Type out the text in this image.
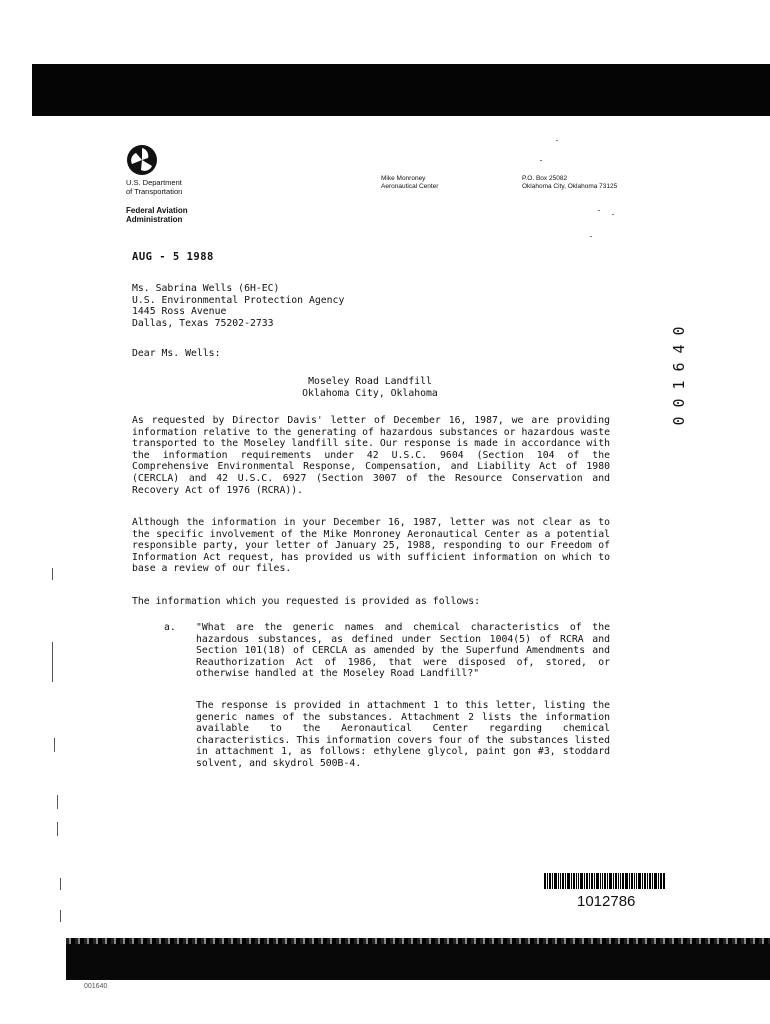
U.S. Department
of Transportation
Federal Aviation
Administration
Mike Monroney
Aeronautical Center
P.O. Box 25082
Oklahoma City, Oklahoma 73125
AUG - 5 1988
Ms. Sabrina Wells (6H-EC)
U.S. Environmental Protection Agency
1445 Ross Avenue
Dallas, Texas 75202-2733
Dear Ms. Wells:
Moseley Road Landfill
Oklahoma City, Oklahoma

As requested by Director Davis' letter of December 16, 1987, we are providing information relative to the generating of hazardous substances or hazardous waste transported to the Moseley landfill site. Our response is made in accordance with the information requirements under 42 U.S.C. 9604 (Section 104 of the Comprehensive Environmental Response, Compensation, and Liability Act of 1980 (CERCLA) and 42 U.S.C. 6927 (Section 3007 of the Resource Conservation and Recovery Act of 1976 (RCRA)).

Although the information in your December 16, 1987, letter was not clear as to the specific involvement of the Mike Monroney Aeronautical Center as a potential responsible party, your letter of January 25, 1988, responding to our Freedom of Information Act request, has provided us with sufficient information on which to base a review of our files.

The information which you requested is provided as follows:

a. "What are the generic names and chemical characteristics of the hazardous substances, as defined under Section 1004(5) of RCRA and Section 101(18) of CERCLA as amended by the Superfund Amendments and Reauthorization Act of 1986, that were disposed of, stored, or otherwise handled at the Moseley Road Landfill?"

The response is provided in attachment 1 to this letter, listing the generic names of the substances. Attachment 2 lists the information available to the Aeronautical Center regarding chemical characteristics. This information covers four of the substances listed in attachment 1, as follows: ethylene glycol, paint gon #3, stoddard solvent, and skydrol 500B-4.

0
4
6
1
0
0
1012786
001640
